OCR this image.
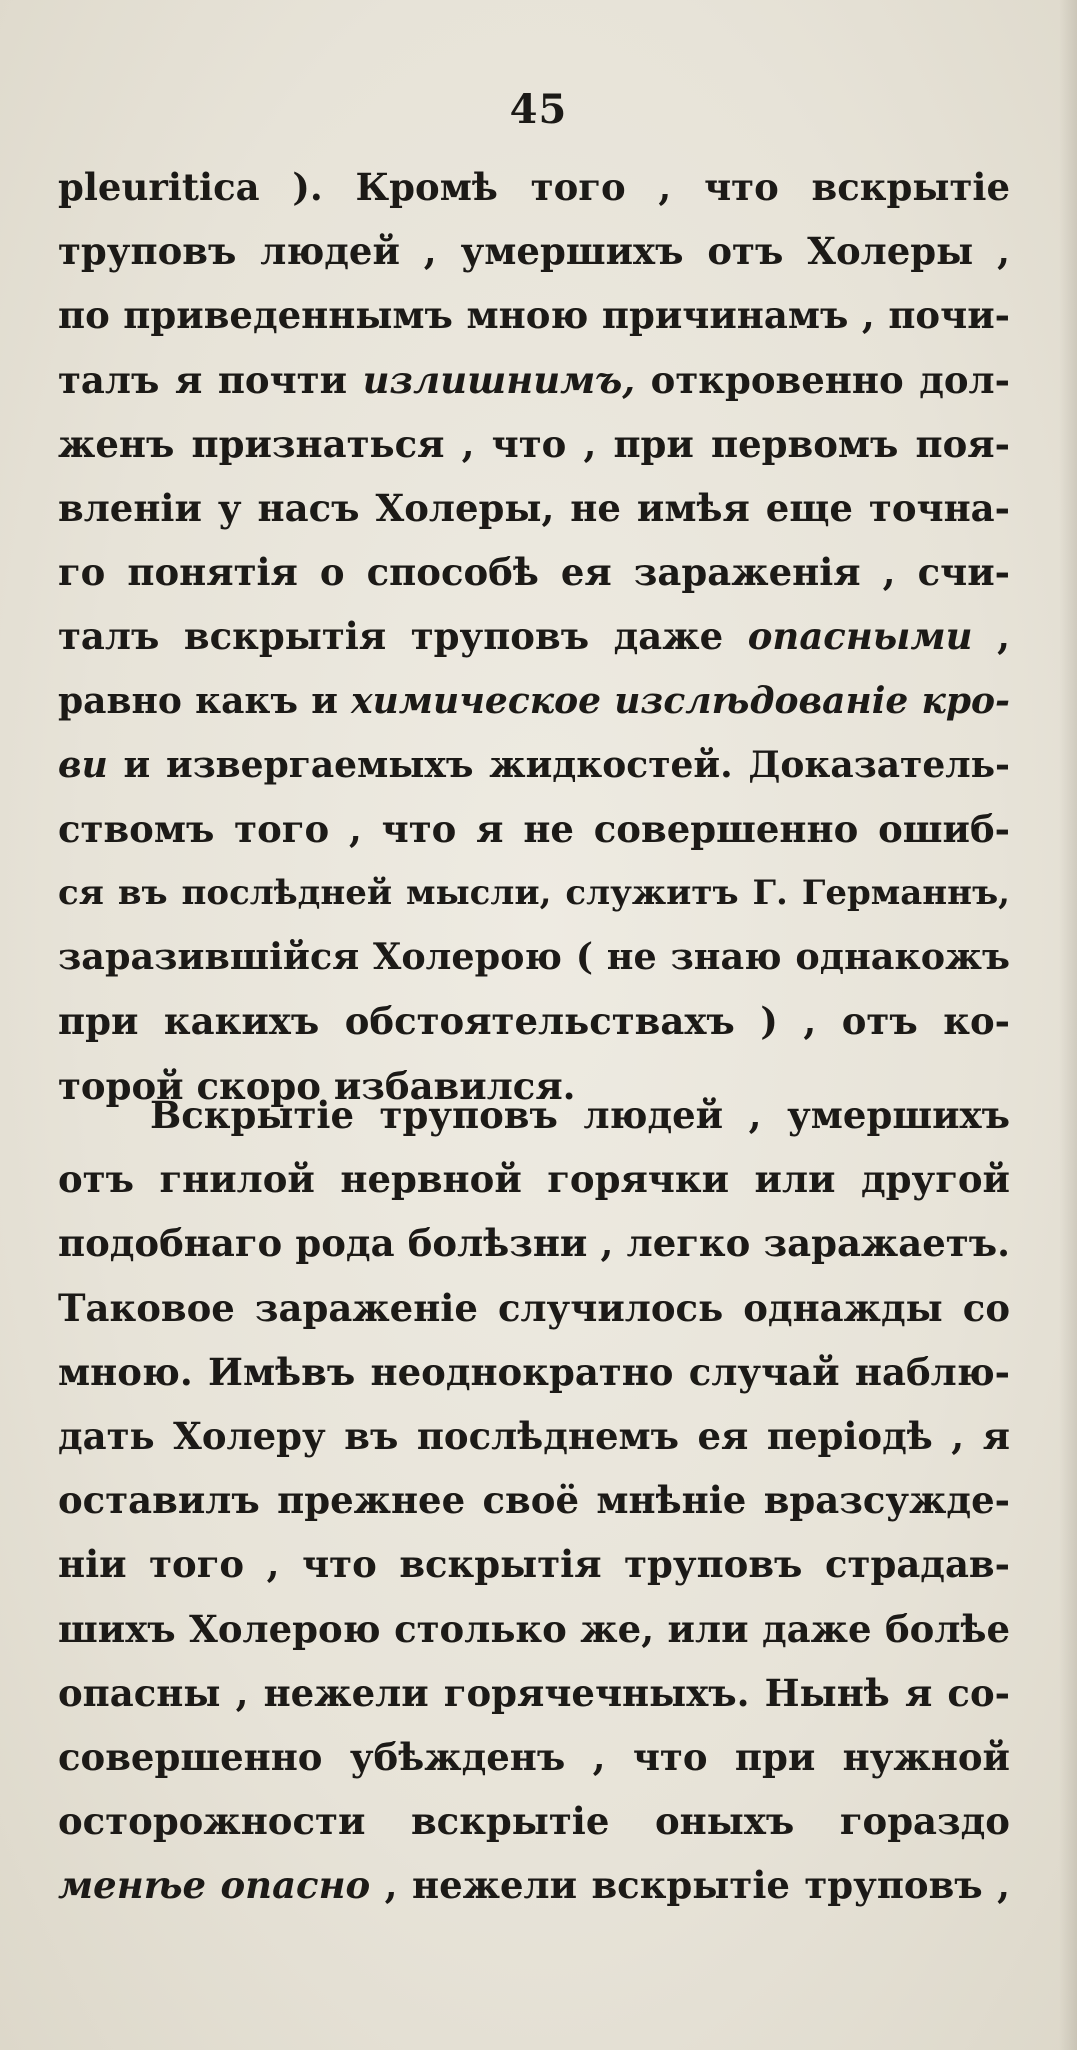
45
pleuritica ). Кромѣ того , что вскрытіе
труповъ людей , умершихъ отъ Холеры ,
по приведеннымъ мною причинамъ , почи-
талъ я почти излишнимъ, откровенно дол-
женъ признаться , что , при первомъ поя-
вленіи у насъ Холеры, не имѣя еще точна-
го понятія о способѣ ея зараженія , счи-
талъ вскрытія труповъ даже опасными ,
равно какъ и химическое изслѣдованіе кро-
ви и извергаемыхъ жидкостей. Доказатель-
ствомъ того , что я не совершенно ошиб-
ся въ послѣдней мысли, служитъ Г. Германнъ,
заразившійся Холерою ( не знаю однакожъ
при какихъ обстоятельствахъ ) , отъ ко-
торой скоро избавился.
Вскрытіе труповъ людей , умершихъ
отъ гнилой нервной горячки или другой
подобнаго рода болѣзни , легко заражаетъ.
Таковое зараженіе случилось однажды со
мною. Имѣвъ неоднократно случай наблю-
дать Холеру въ послѣднемъ ея періодѣ , я
оставилъ прежнее своё мнѣніе вразсужде-
ніи того , что вскрытія труповъ страдав-
шихъ Холерою столько же, или даже болѣе
опасны , нежели горячечныхъ. Нынѣ я со-
совершенно убѣжденъ , что при нужной
осторожности вскрытіе оныхъ гораздо
менѣе опасно , нежели вскрытіе труповъ ,
